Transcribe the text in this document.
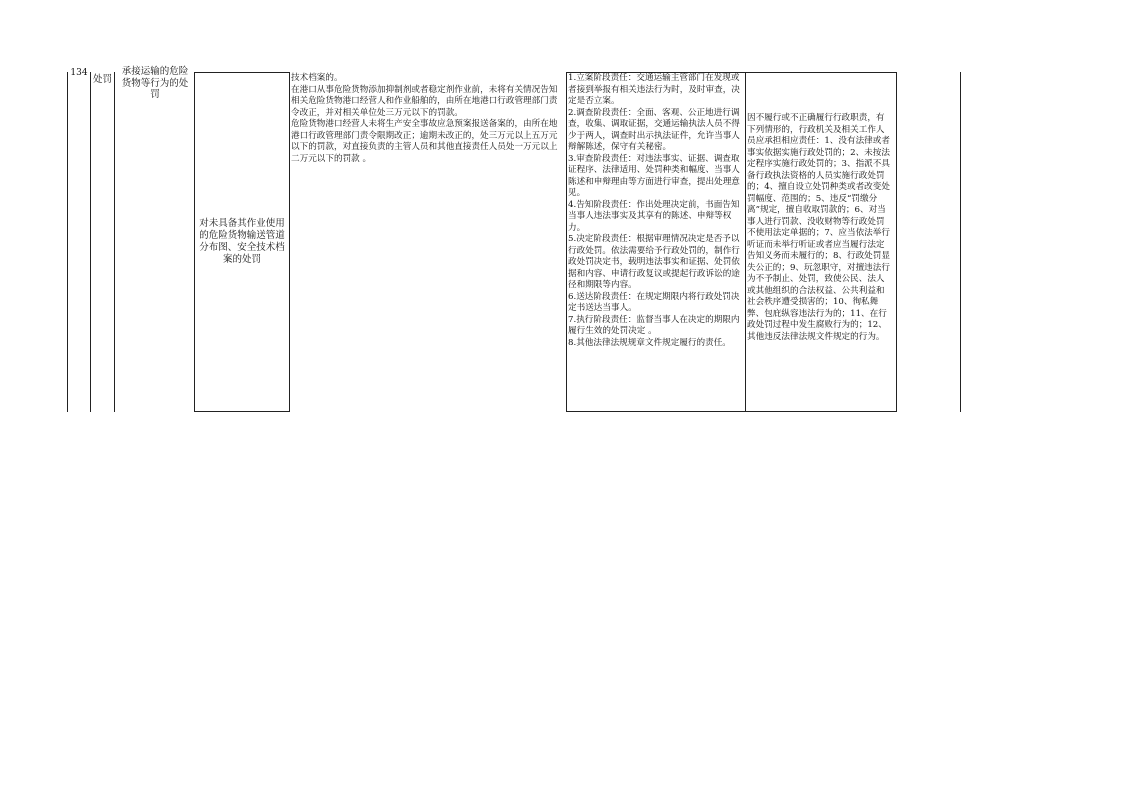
134
处罚
承接运输的危险货物等行为的处罚
对未具备其作业使用的危险货物输送管道分布图、安全技术档案的处罚

技术档案的。

在港口从事危险货物添加抑制剂或者稳定剂作业前，未将有关情况告知相关危险货物港口经营人和作业船舶的，由所在地港口行政管理部门责令改正，并对相关单位处三万元以下的罚款。

危险货物港口经营人未将生产安全事故应急预案报送备案的，由所在地港口行政管理部门责令限期改正；逾期未改正的，处三万元以上五万元以下的罚款，对直接负责的主管人员和其他直接责任人员处一万元以上二万元以下的罚款 。

1.立案阶段责任：交通运输主管部门在发现或者接到举报有相关违法行为时，及时审查，决定是否立案。

2.调查阶段责任：全面、客观、公正地进行调查，收集、调取证据，交通运输执法人员不得少于两人，调查时出示执法证件，允许当事人辩解陈述，保守有关秘密。

3.审查阶段责任：对违法事实、证据、调查取证程序、法律适用、处罚种类和幅度、当事人陈述和申辩理由等方面进行审查，提出处理意见。

4.告知阶段责任：作出处理决定前，书面告知当事人违法事实及其享有的陈述、申辩等权力。

5.决定阶段责任：根据审理情况决定是否予以行政处罚。依法需要给予行政处罚的，制作行政处罚决定书，载明违法事实和证据、处罚依据和内容、申请行政复议或提起行政诉讼的途径和期限等内容。

6.送达阶段责任：在规定期限内将行政处罚决定书送达当事人。

7.执行阶段责任：监督当事人在决定的期限内履行生效的处罚决定 。

8.其他法律法规规章文件规定履行的责任。

因不履行或不正确履行行政职责，有下列情形的，行政机关及相关工作人员应承担相应责任：1、没有法律或者事实依据实施行政处罚的；2、未按法定程序实施行政处罚的；3、指派不具备行政执法资格的人员实施行政处罚的；4、擅自设立处罚种类或者改变处罚幅度、范围的；5、违反“罚缴分离”规定，擅自收取罚款的；6、对当事人进行罚款、没收财物等行政处罚不使用法定单据的；7、应当依法举行听证而未举行听证或者应当履行法定告知义务而未履行的；8、行政处罚显失公正的；9、玩忽职守，对擅违法行为不予制止、处罚，致使公民、法人或其他组织的合法权益、公共利益和社会秩序遭受损害的；10、徇私舞弊、包庇纵容违法行为的；11、在行政处罚过程中发生腐败行为的；12、其他违反法律法规文件规定的行为。
